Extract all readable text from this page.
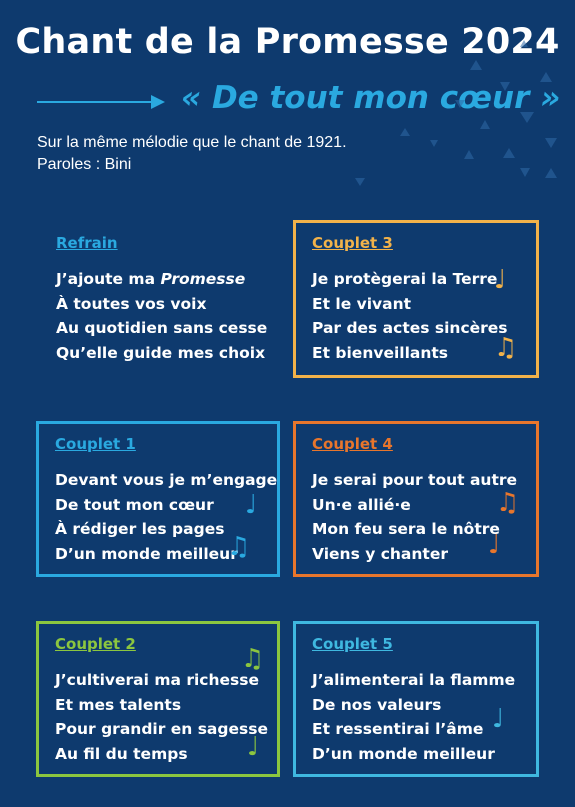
Chant de la Promesse 2024
« De tout mon cœur »
Sur la même mélodie que le chant de 1921.
Paroles : Bini
Refrain
J’ajoute ma Promesse
À toutes vos voix
Au quotidien sans cesse
Qu’elle guide mes choix
Couplet 3
Je protègerai la Terre
Et le vivant
Par des actes sincères
Et bienveillants
♩
♫
Couplet 1
Devant vous je m’engage
De tout mon cœur
À rédiger les pages
D’un monde meilleur
♩
♫
Couplet 4
Je serai pour tout autre
Un·e allié·e
Mon feu sera le nôtre
Viens y chanter
♫
♩
Couplet 2
J’cultiverai ma richesse
Et mes talents
Pour grandir en sagesse
Au fil du temps
♫
♩
Couplet 5
J’alimenterai la flamme
De nos valeurs
Et ressentirai l’âme
D’un monde meilleur
♩
